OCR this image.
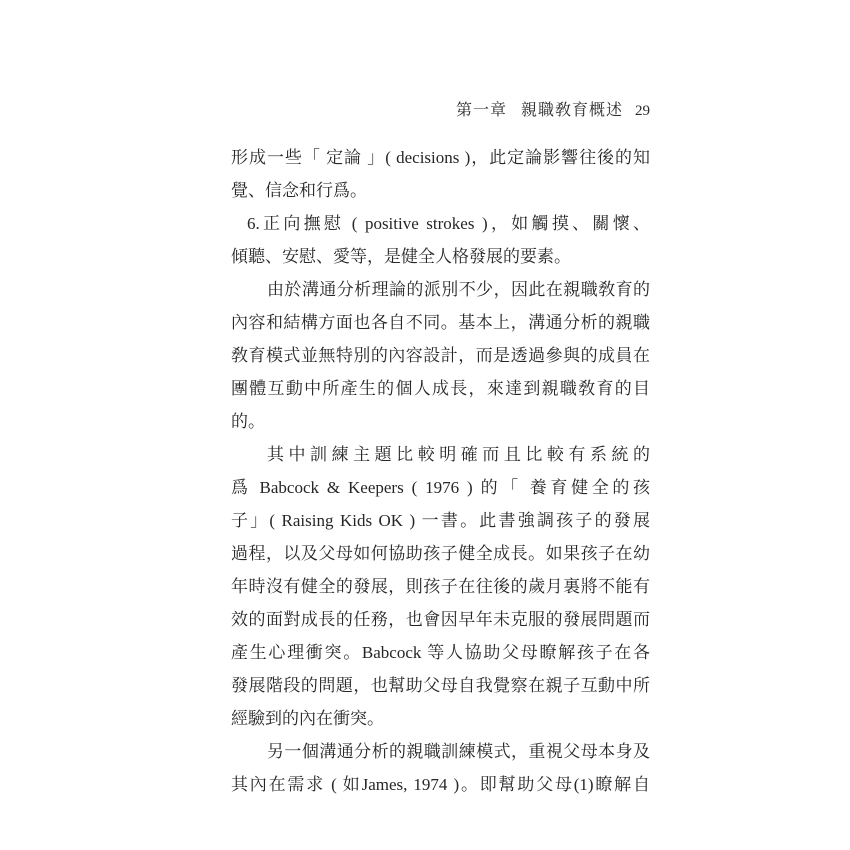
第一章 親職敎育概述 29
形成一些「 定論 」( decisions )，此定論影響往後的知
覺、信念和行爲。
6.正向撫慰 ( positive strokes )，如觸摸、關懷、
傾聽、安慰、愛等，是健全人格發展的要素。
由於溝通分析理論的派別不少，因此在親職敎育的
內容和結構方面也各自不同。基本上，溝通分析的親職
敎育模式並無特別的內容設計，而是透過參與的成員在
團體互動中所產生的個人成長，來達到親職敎育的目
的。
其中訓練主題比較明確而且比較有系統的
爲 Babcock & Keepers ( 1976 ) 的「 養育健全的孩
子」( Raising Kids OK ) 一書。此書強調孩子的發展
過程，以及父母如何協助孩子健全成長。如果孩子在幼
年時沒有健全的發展，則孩子在往後的歲月裏將不能有
效的面對成長的任務，也會因早年未克服的發展問題而
產生心理衝突。Babcock 等人協助父母瞭解孩子在各
發展階段的問題，也幫助父母自我覺察在親子互動中所
經驗到的內在衝突。
另一個溝通分析的親職訓練模式，重視父母本身及
其內在需求 ( 如James, 1974 )。即幫助父母(1)瞭解自
